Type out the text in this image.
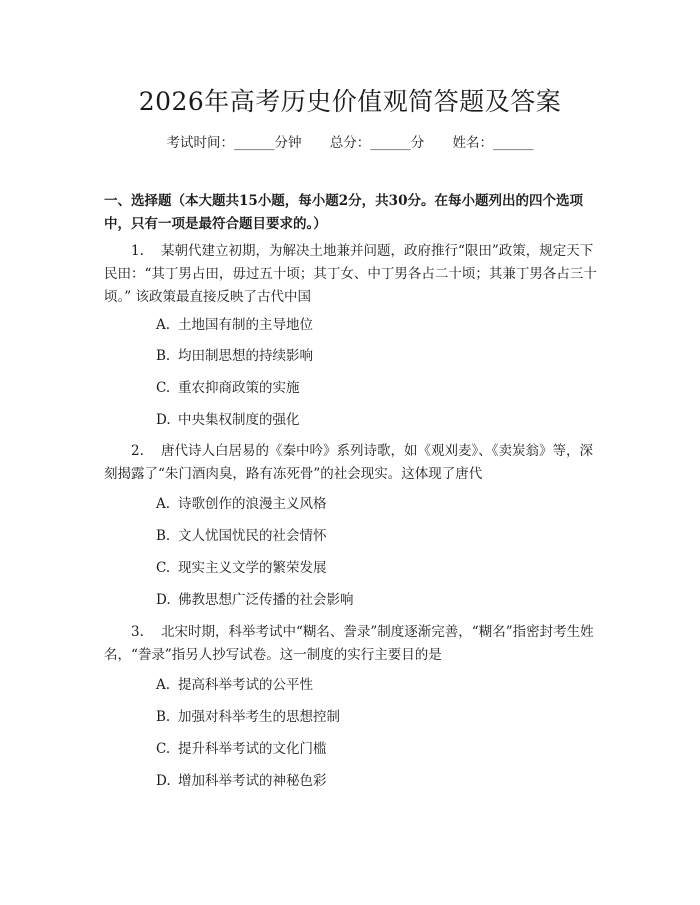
2026年高考历史价值观简答题及答案
考试时间：______分钟 总分：______分 姓名：______

一、选择题（本大题共15小题，每小题2分，共30分。在每小题列出的四个选项中，只有一项是最符合题目要求的。）

1. 某朝代建立初期，为解决土地兼并问题，政府推行“限田”政策，规定天下民田：“其丁男占田，毋过五十顷；其丁女、中丁男各占二十顷；其兼丁男各占三十顷。” 该政策最直接反映了古代中国

A. 土地国有制的主导地位

B. 均田制思想的持续影响

C. 重农抑商政策的实施

D. 中央集权制度的强化

2. 唐代诗人白居易的《秦中吟》系列诗歌，如《观刈麦》、《卖炭翁》等，深刻揭露了“朱门酒肉臭，路有冻死骨”的社会现实。这体现了唐代

A. 诗歌创作的浪漫主义风格

B. 文人忧国忧民的社会情怀

C. 现实主义文学的繁荣发展

D. 佛教思想广泛传播的社会影响

3. 北宋时期，科举考试中“糊名、誊录”制度逐渐完善，“糊名”指密封考生姓名，“誊录”指另人抄写试卷。这一制度的实行主要目的是

A. 提高科举考试的公平性

B. 加强对科举考生的思想控制

C. 提升科举考试的文化门槛

D. 增加科举考试的神秘色彩
